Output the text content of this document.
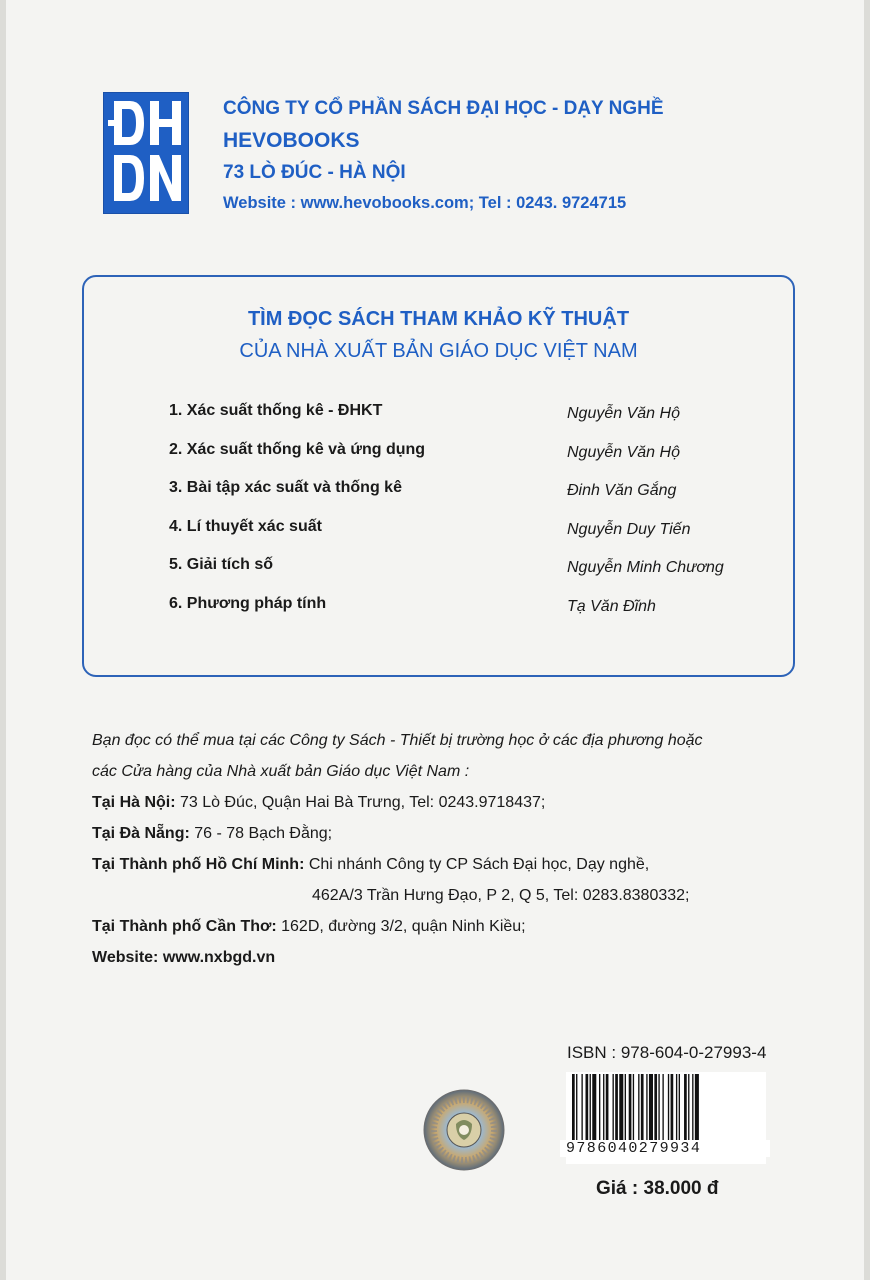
CÔNG TY CỔ PHẦN SÁCH ĐẠI HỌC - DẠY NGHỀ
HEVOBOOKS
73 LÒ ĐÚC - HÀ NỘI
Website : www.hevobooks.com; Tel : 0243. 9724715
TÌM ĐỌC SÁCH THAM KHẢO KỸ THUẬT
CỦA NHÀ XUẤT BẢN GIÁO DỤC VIỆT NAM
1. Xác suất thống kê - ĐHKT	Nguyễn Văn Hộ
2. Xác suất thống kê và ứng dụng	Nguyễn Văn Hộ
3. Bài tập xác suất và thống kê	Đinh Văn Gắng
4. Lí thuyết xác suất	Nguyễn Duy Tiến
5. Giải tích số	Nguyễn Minh Chương
6. Phương pháp tính	Tạ Văn Đĩnh
Bạn đọc có thể mua tại các Công ty Sách - Thiết bị trường học ở các địa phương hoặc
các Cửa hàng của Nhà xuất bản Giáo dục Việt Nam :
Tại Hà Nội: 73 Lò Đúc, Quận Hai Bà Trưng, Tel: 0243.9718437;
Tại Đà Nẵng: 76 - 78 Bạch Đằng;
Tại Thành phố Hồ Chí Minh: Chi nhánh Công ty CP Sách Đại học, Dạy nghề,
462A/3 Trần Hưng Đạo, P 2, Q 5, Tel: 0283.8380332;
Tại Thành phố Cần Thơ: 162D, đường 3/2, quận Ninh Kiều;
Website: www.nxbgd.vn
ISBN : 978-604-0-27993-4
9786040279934
Giá : 38.000 đ
